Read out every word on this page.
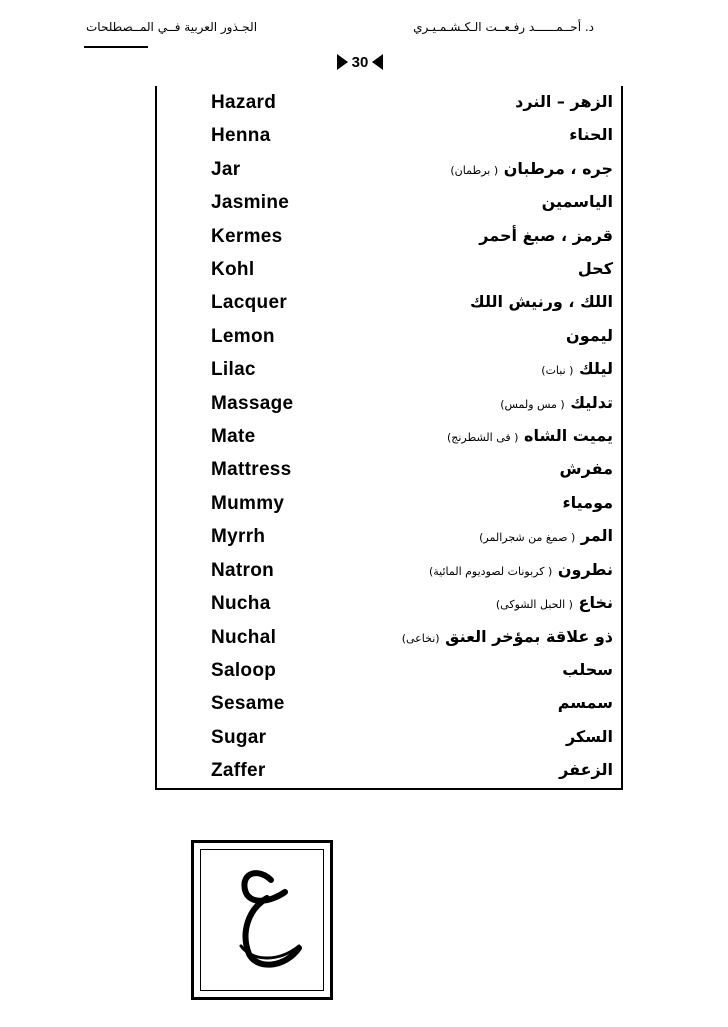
الجـذور العربية فــي المــصطلحات	د. أحــمــــــد رفـعــت الـكـشـمـيـري
30
Hazard	الزهر – النرد
Henna	الحناء
Jar	جره ، مرطبان ( برطمان)
Jasmine	الياسمين
Kermes	قرمز ، صبغ أحمر
Kohl	كحل
Lacquer	اللك ، ورنيش اللك
Lemon	ليمون
Lilac	ليلك ( نبات)
Massage	تدليك ( مس ولمس)
Mate	يميت الشاه ( فى الشطرنج)
Mattress	مفرش
Mummy	مومياء
Myrrh	المر ( صمغ من شجرالمر)
Natron	نطرون ( كربونات لصوديوم المائية)
Nucha	نخاع ( الحبل الشوكى)
Nuchal	ذو علاقة بمؤخر العنق (نخاعى)
Saloop	سحلب
Sesame	سمسم
Sugar	السكر
Zaffer	الزعفر
